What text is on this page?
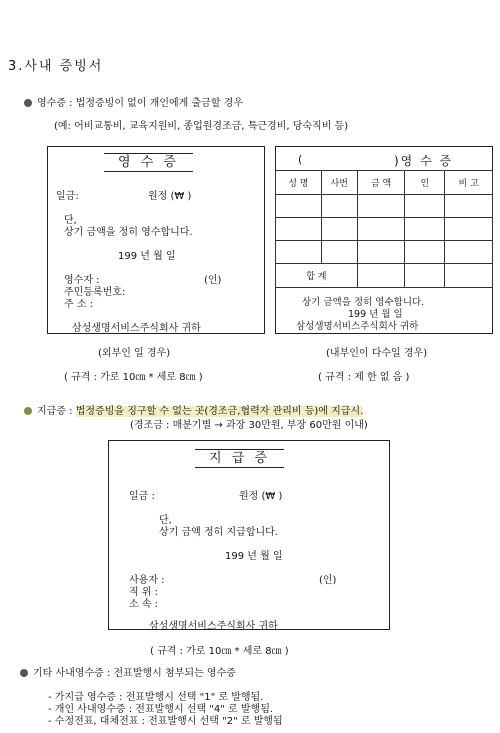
3.사내 증빙서
영수증 : 법정증빙이 없이 개인에게 출금할 경우
(예: 어비교통비, 교육지원비, 종업원경조금, 특근경비, 당숙직비 등)
영 수 증
일금:	원정 (₩ )
단,
상기 금액을 정히 영수합니다.
199 년 월 일
영수자 :	(인)
주민등록번호:
주 소 :
삼성생명서비스주식회사 귀하
(외부인 일 경우)
( 규격 : 가로 10㎝ * 세로 8㎝ )
(	)영 수 증
성 명	사번	금 액	인	비 고

합 계				
상기 금액을 정히 영수합니다.
199 년 월 일
삼성생명서비스주식회사 귀하
(내부인이 다수일 경우)
( 규격 : 제 한 없 음 )
지급증 : 법정증빙을 징구할 수 없는 곳(경조금,협력자 관리비 등)에 지급시.
(경조금 : 매분기별 → 과장 30만원, 부장 60만원 이내)
지 급 증
일금 :	원정 (₩ )
단,
상기 금액 정히 지급합니다.
199 년 월 일
사용자 :	(인)
직 위 :
소 속 :
삼성생명서비스주식회사 귀하
( 규격 : 가로 10㎝ * 세로 8㎝ )
기타 사내영수증 : 전표발행시 첨부되는 영수증
- 가지급 영수증 : 전표발행시 선택 "1" 로 발행됨.
- 개인 사내영수증 : 전표발행시 선택 "4" 로 발행됨.
- 수정전표, 대체전표 : 전표발행시 선택 "2" 로 발행됨
